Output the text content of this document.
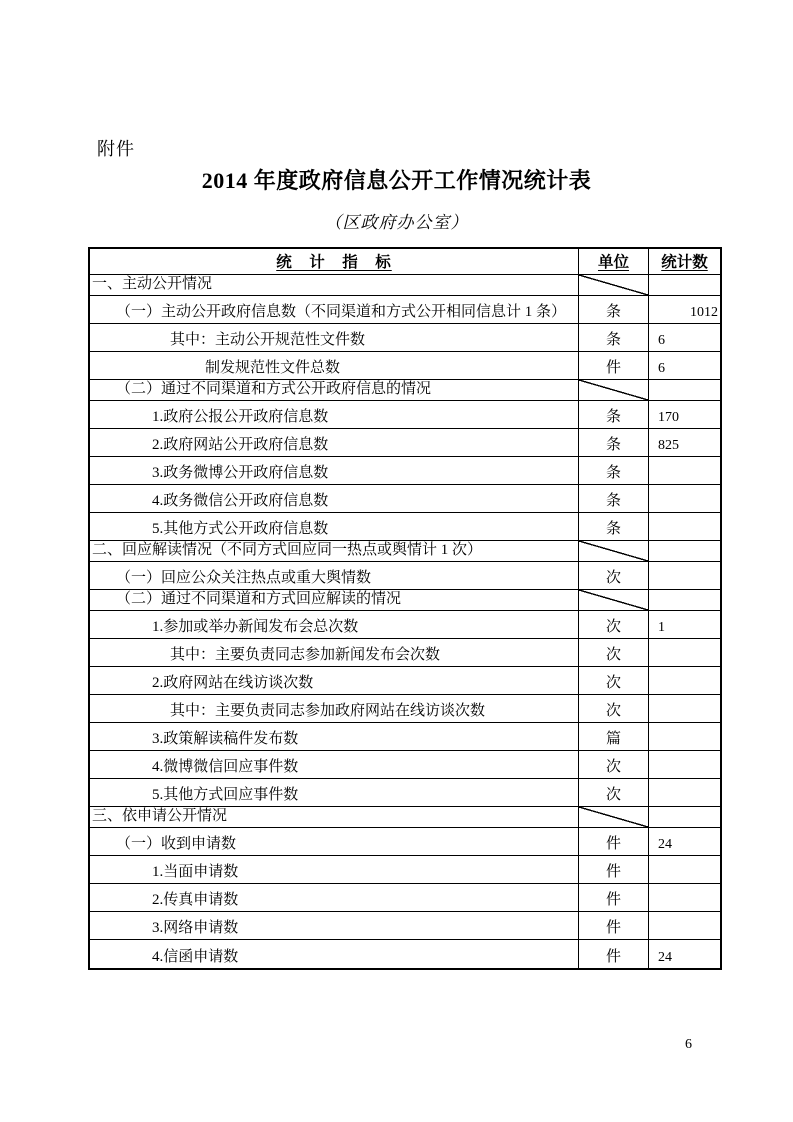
附件
2014 年度政府信息公开工作情况统计表
（区政府办公室）
统　计　指　标	单位 统计数
一、主动公开情况
（一）主动公开政府信息数（不同渠道和方式公开相同信息计 1 条）	条	1012
其中：主动公开规范性文件数	条	6
制发规范性文件总数	件	6
（二）通过不同渠道和方式公开政府信息的情况
1.政府公报公开政府信息数	条	170
2.政府网站公开政府信息数	条	825
3.政务微博公开政府信息数	条
4.政务微信公开政府信息数	条
5.其他方式公开政府信息数	条
二、回应解读情况（不同方式回应同一热点或舆情计 1 次）
（一）回应公众关注热点或重大舆情数	次
（二）通过不同渠道和方式回应解读的情况
1.参加或举办新闻发布会总次数	次	1
其中：主要负责同志参加新闻发布会次数	次
2.政府网站在线访谈次数	次
其中：主要负责同志参加政府网站在线访谈次数	次
3.政策解读稿件发布数	篇
4.微博微信回应事件数	次
5.其他方式回应事件数	次
三、依申请公开情况
（一）收到申请数	件	24
1.当面申请数	件
2.传真申请数	件
3.网络申请数	件
4.信函申请数	件	24
6
